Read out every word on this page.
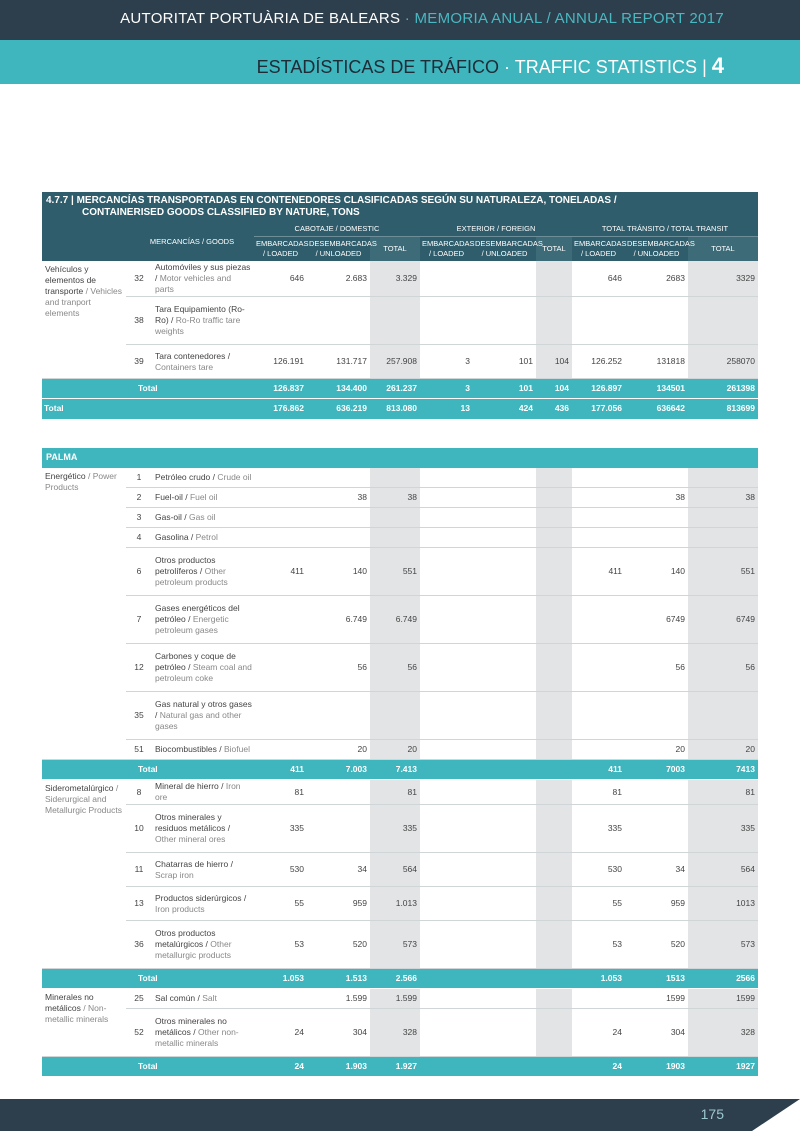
AUTORITAT PORTUÀRIA DE BALEARS · MEMORIA ANUAL / ANNUAL REPORT 2017
ESTADÍSTICAS DE TRÁFICO · TRAFFIC STATISTICS | 4
4.7.7 | MERCANCÍAS TRANSPORTADAS EN CONTENEDORES CLASIFICADAS SEGÚN SU NATURALEZA, TONELADAS /
CONTAINERISED GOODS CLASSIFIED BY NATURE, TONS											

MERCANCÍAS / GOODS			CABOTAJE / DOMESTIC			EXTERIOR / FOREIGN			TOTAL TRÁNSITO / TOTAL TRANSIT		
			EMBARCADAS
/ LOADED	DESEMBARCADAS
/ UNLOADED	TOTAL	EMBARCADAS
/ LOADED	DESEMBARCADAS
/ UNLOADED	TOTAL	EMBARCADAS
/ LOADED	DESEMBARCADAS
/ UNLOADED	TOTAL
Vehículos y elementos de transporte / Vehicles and tranport elements	32	Automóviles y sus piezas / Motor vehicles and parts	646	2.683	3.329				646	2683	3329
	38	Tara Equipamiento (Ro-Ro) / Ro-Ro traffic tare weights									
	39	Tara contenedores / Containers tare	126.191	131.717	257.908	3	101	104	126.252	131818	258070
	Total		126.837	134.400	261.237	3	101	104	126.897	134501	261398
Total			176.862	636.219	813.080	13	424	436	177.056	636642	813699

PALMA											
Energético / Power Products	1	Petróleo crudo / Crude oil									
	2	Fuel-oil / Fuel oil		38	38					38	38
	3	Gas-oil / Gas oil									
	4	Gasolina / Petrol									
	6	Otros productos petrolíferos / Other petroleum products	411	140	551				411	140	551
	7	Gases energéticos del petróleo / Energetic petroleum gases		6.749	6.749					6749	6749
	12	Carbones y coque de petróleo / Steam coal and petroleum coke		56	56					56	56
	35	Gas natural y otros gases / Natural gas and other gases									
	51	Biocombustibles / Biofuel		20	20					20	20
	Total		411	7.003	7.413				411	7003	7413
Siderometalúrgico / Siderurgical and Metallurgic Products	8	Mineral de hierro / Iron ore	81		81				81		81
	10	Otros minerales y residuos metálicos / Other mineral ores	335		335				335		335
	11	Chatarras de hierro / Scrap iron	530	34	564				530	34	564
	13	Productos siderúrgicos / Iron products	55	959	1.013				55	959	1013
	36	Otros productos metalúrgicos / Other metallurgic products	53	520	573				53	520	573
	Total		1.053	1.513	2.566				1.053	1513	2566
Minerales no metálicos / Non-metallic minerals	25	Sal común / Salt		1.599	1.599					1599	1599
	52	Otros minerales no metálicos / Other non-metallic minerals	24	304	328				24	304	328
	Total		24	1.903	1.927				24	1903	1927
175
